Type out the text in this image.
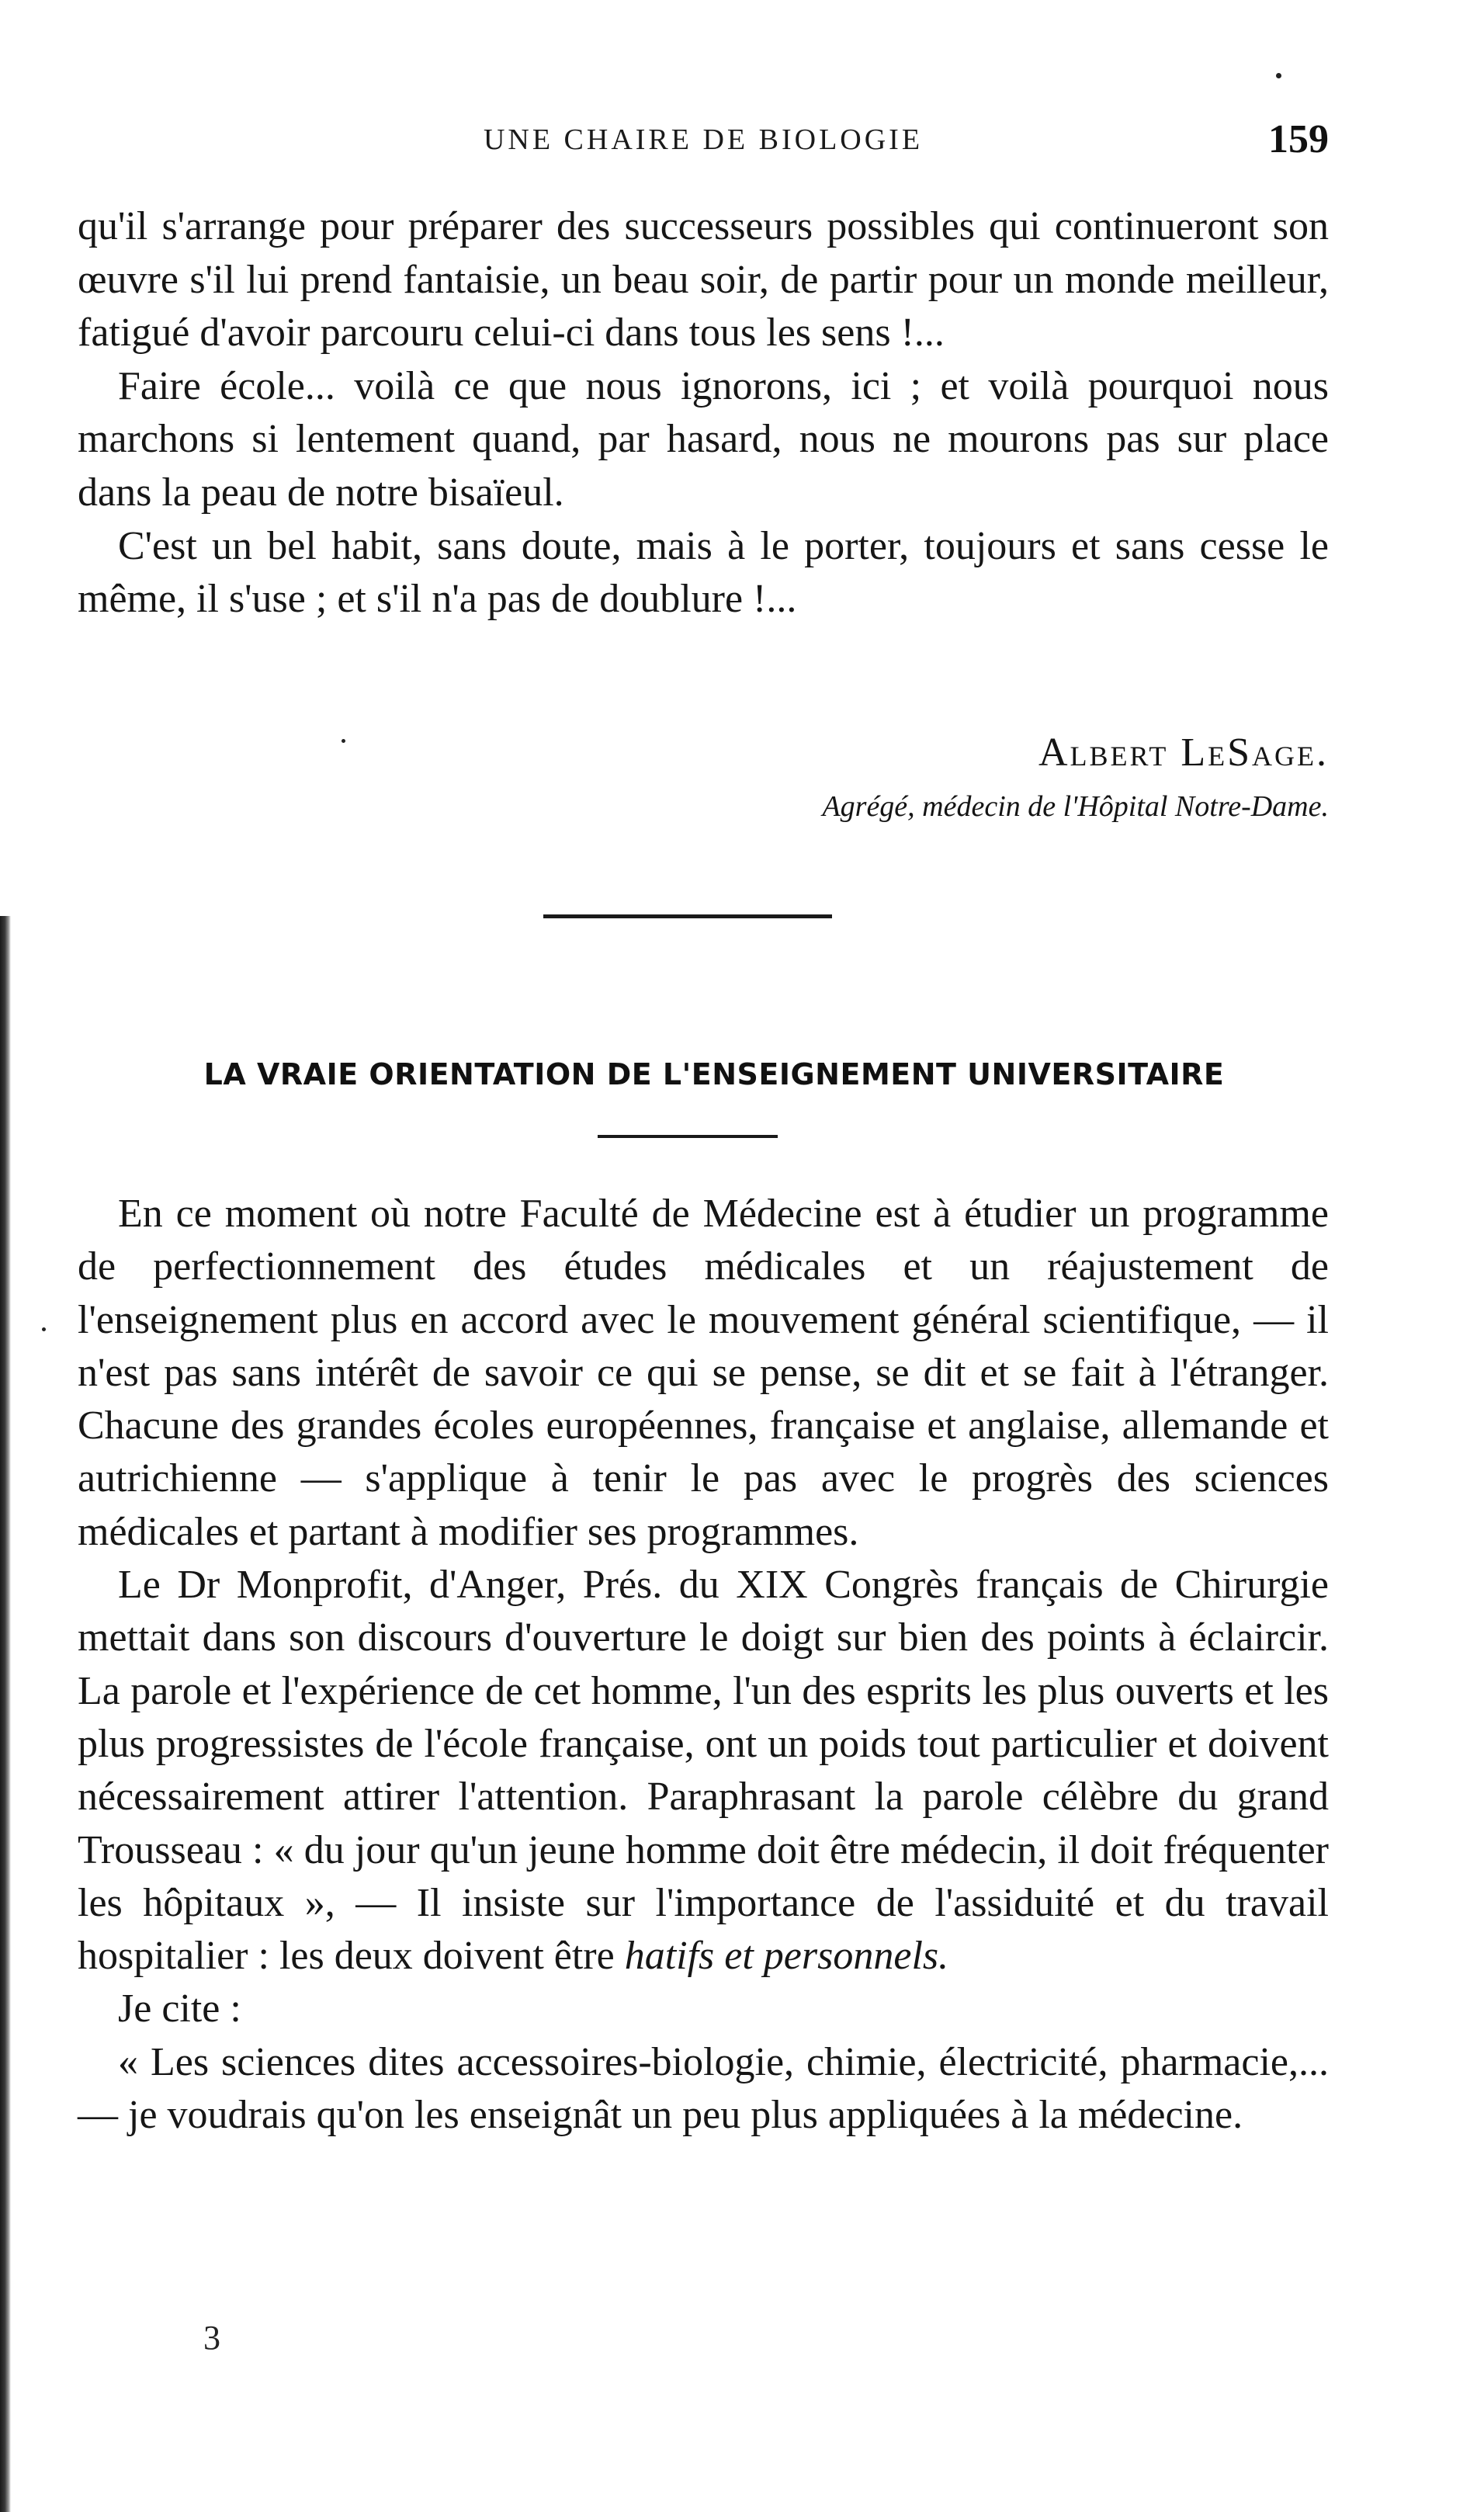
UNE CHAIRE DE BIOLOGIE	159

qu'il s'arrange pour préparer des successeurs possibles qui continueront son œuvre s'il lui prend fantaisie, un beau soir, de partir pour un monde meilleur, fatigué d'avoir parcouru celui-ci dans tous les sens !...

Faire école... voilà ce que nous ignorons, ici ; et voilà pourquoi nous marchons si lentement quand, par hasard, nous ne mourons pas sur place dans la peau de notre bisaïeul.

C'est un bel habit, sans doute, mais à le porter, toujours et sans cesse le même, il s'use ; et s'il n'a pas de doublure !...

Albert LeSage.
Agrégé, médecin de l'Hôpital Notre-Dame.
LA VRAIE ORIENTATION DE L'ENSEIGNEMENT UNIVERSITAIRE

En ce moment où notre Faculté de Médecine est à étudier un programme de perfectionnement des études médicales et un réajustement de l'enseignement plus en accord avec le mouvement général scientifique, — il n'est pas sans intérêt de savoir ce qui se pense, se dit et se fait à l'étranger. Chacune des grandes écoles européennes, française et anglaise, allemande et autrichienne — s'applique à tenir le pas avec le progrès des sciences médicales et partant à modifier ses programmes.

Le Dr Monprofit, d'Anger, Prés. du XIX Congrès français de Chirurgie mettait dans son discours d'ouverture le doigt sur bien des points à éclaircir. La parole et l'expérience de cet homme, l'un des esprits les plus ouverts et les plus progressistes de l'école française, ont un poids tout particulier et doivent nécessairement attirer l'attention. Paraphrasant la parole célèbre du grand Trousseau : « du jour qu'un jeune homme doit être médecin, il doit fréquenter les hôpitaux », — Il insiste sur l'importance de l'assiduité et du travail hospitalier : les deux doivent être hatifs et personnels.

Je cite :

« Les sciences dites accessoires-biologie, chimie, électricité, pharmacie,... — je voudrais qu'on les enseignât un peu plus appliquées à la médecine.

3
